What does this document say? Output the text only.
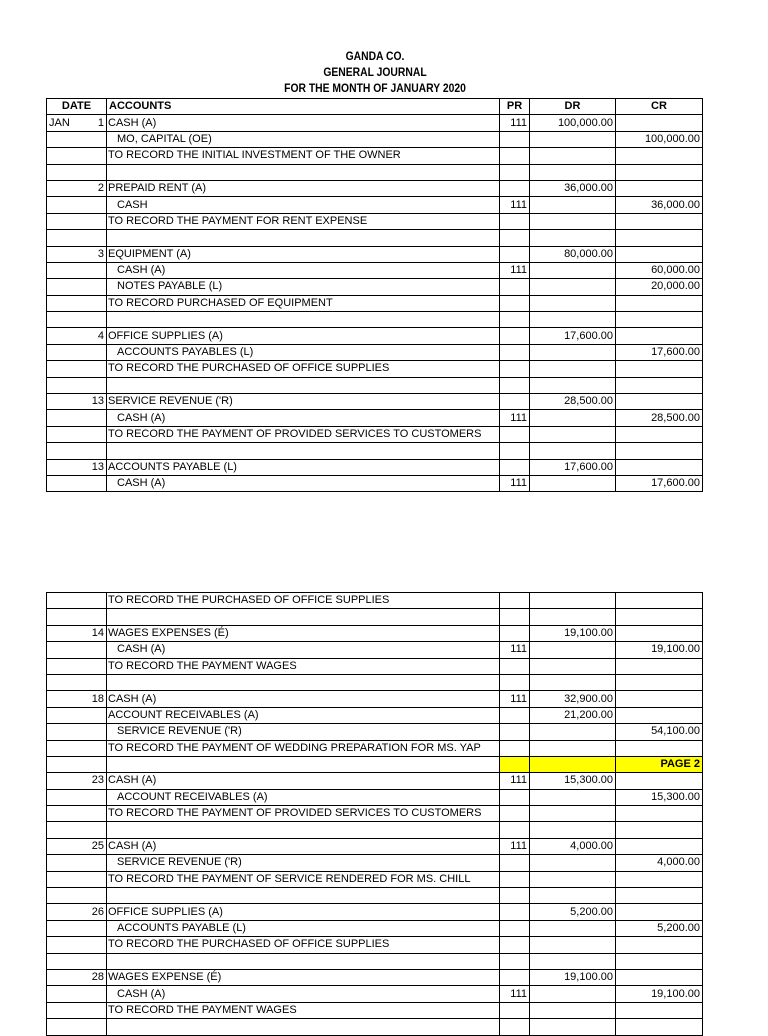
GANDA CO.
GENERAL JOURNAL
FOR THE MONTH OF JANUARY 2020
DATE		ACCOUNTS	PR	DR	CR
JAN	1	CASH (A)	111	100,000.00	
		MO, CAPITAL (OE)			100,000.00
		TO RECORD THE INITIAL INVESTMENT OF THE OWNER			

	2	PREPAID RENT (A)		36,000.00	
		CASH	111		36,000.00
		TO RECORD THE PAYMENT FOR RENT EXPENSE			

	3	EQUIPMENT (A)		80,000.00	
		CASH (A)	111		60,000.00
		NOTES PAYABLE (L)			20,000.00
		TO RECORD PURCHASED OF EQUIPMENT			

	4	OFFICE SUPPLIES (A)		17,600.00	
		ACCOUNTS PAYABLES (L)			17,600.00
		TO RECORD THE PURCHASED OF OFFICE SUPPLIES			

	13	SERVICE REVENUE ('R)		28,500.00	
		CASH (A)	111		28,500.00
		TO RECORD THE PAYMENT OF PROVIDED SERVICES TO CUSTOMERS			

	13	ACCOUNTS PAYABLE (L)		17,600.00	
		CASH (A)	111		17,600.00
		TO RECORD THE PURCHASED OF OFFICE SUPPLIES			

	14	WAGES EXPENSES (É)		19,100.00	
		CASH (A)	111		19,100.00
		TO RECORD THE PAYMENT WAGES			

	18	CASH (A)	111	32,900.00	
		ACCOUNT RECEIVABLES (A)		21,200.00	
		SERVICE REVENUE ('R)			54,100.00
		TO RECORD THE PAYMENT OF WEDDING PREPARATION FOR MS. YAP			
					PAGE 2
	23	CASH (A)	111	15,300.00	
		ACCOUNT RECEIVABLES (A)			15,300.00
		TO RECORD THE PAYMENT OF PROVIDED SERVICES TO CUSTOMERS			

	25	CASH (A)	111	4,000.00	
		SERVICE REVENUE ('R)			4,000.00
		TO RECORD THE PAYMENT OF SERVICE RENDERED FOR MS. CHILL			

	26	OFFICE SUPPLIES (A)		5,200.00	
		ACCOUNTS PAYABLE (L)			5,200.00
		TO RECORD THE PURCHASED OF OFFICE SUPPLIES			

	28	WAGES EXPENSE (É)		19,100.00	
		CASH (A)	111		19,100.00
		TO RECORD THE PAYMENT WAGES			
